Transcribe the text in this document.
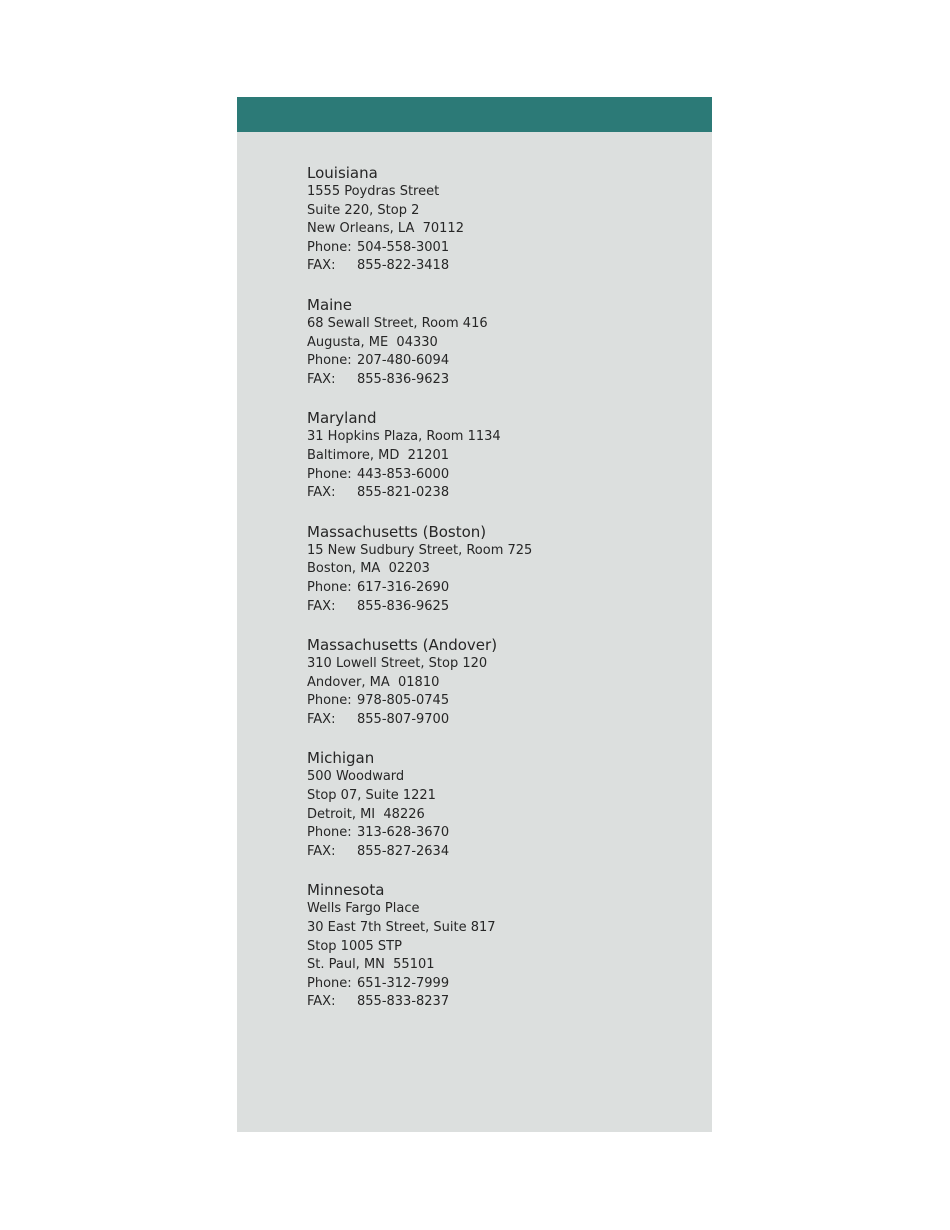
Louisiana
1555 Poydras Street
Suite 220, Stop 2
New Orleans, LA  70112
Phone: 504-558-3001
FAX: 855-822-3418
Maine
68 Sewall Street, Room 416
Augusta, ME  04330
Phone: 207-480-6094
FAX: 855-836-9623
Maryland
31 Hopkins Plaza, Room 1134
Baltimore, MD  21201
Phone: 443-853-6000
FAX: 855-821-0238
Massachusetts (Boston)
15 New Sudbury Street, Room 725
Boston, MA  02203
Phone: 617-316-2690
FAX: 855-836-9625
Massachusetts (Andover)
310 Lowell Street, Stop 120
Andover, MA  01810
Phone: 978-805-0745
FAX: 855-807-9700
Michigan
500 Woodward
Stop 07, Suite 1221
Detroit, MI  48226
Phone: 313-628-3670
FAX: 855-827-2634
Minnesota
Wells Fargo Place
30 East 7th Street, Suite 817
Stop 1005 STP
St. Paul, MN  55101
Phone: 651-312-7999
FAX: 855-833-8237
